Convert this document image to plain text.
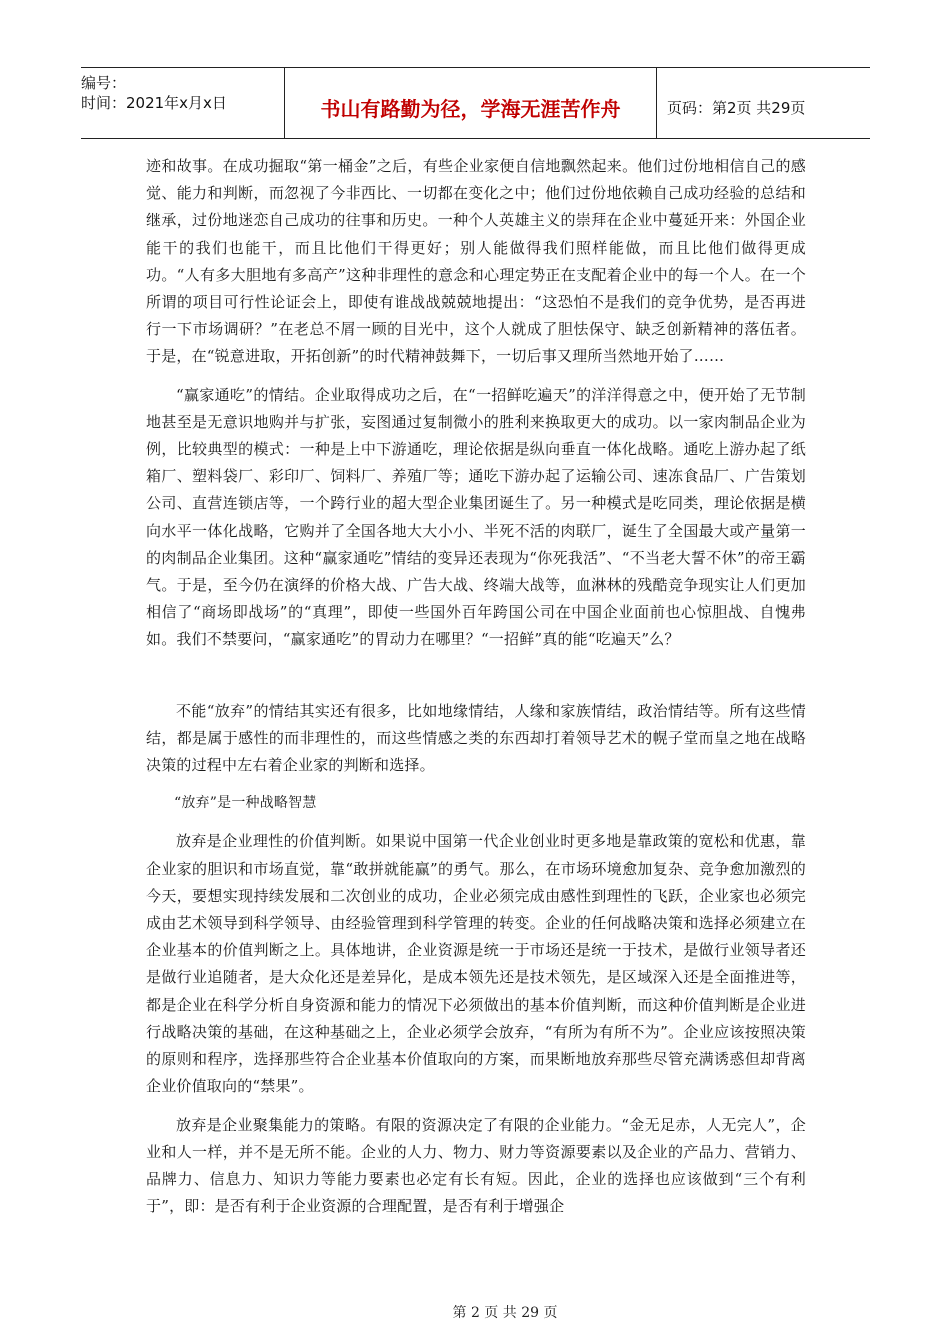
编号：
时间：2021年x月x日	书山有路勤为径，学海无涯苦作舟	页码：第2页 共29页

迹和故事。在成功掘取“第一桶金”之后，有些企业家便自信地飘然起来。他们过份地相信自己的感觉、能力和判断，而忽视了今非西比、一切都在变化之中；他们过份地依赖自己成功经验的总结和继承，过份地迷恋自己成功的往事和历史。一种个人英雄主义的崇拜在企业中蔓延开来：外国企业能干的我们也能干，而且比他们干得更好；别人能做得我们照样能做，而且比他们做得更成功。“人有多大胆地有多高产”这种非理性的意念和心理定势正在支配着企业中的每一个人。在一个所谓的项目可行性论证会上，即使有谁战战兢兢地提出：“这恐怕不是我们的竞争优势，是否再进行一下市场调研？”在老总不屑一顾的目光中，这个人就成了胆怯保守、缺乏创新精神的落伍者。于是，在“锐意进取，开拓创新”的时代精神鼓舞下，一切后事又理所当然地开始了……

“赢家通吃”的情结。企业取得成功之后，在“一招鲜吃遍天”的洋洋得意之中，便开始了无节制地甚至是无意识地购并与扩张，妄图通过复制微小的胜利来换取更大的成功。以一家肉制品企业为例，比较典型的模式：一种是上中下游通吃，理论依据是纵向垂直一体化战略。通吃上游办起了纸箱厂、塑料袋厂、彩印厂、饲料厂、养殖厂等；通吃下游办起了运输公司、速冻食品厂、广告策划公司、直营连锁店等，一个跨行业的超大型企业集团诞生了。另一种模式是吃同类，理论依据是横向水平一体化战略，它购并了全国各地大大小小、半死不活的肉联厂，诞生了全国最大或产量第一的肉制品企业集团。这种“赢家通吃”情结的变异还表现为“你死我活”、“不当老大誓不休”的帝王霸气。于是，至今仍在演绎的价格大战、广告大战、终端大战等，血淋林的残酷竞争现实让人们更加相信了“商场即战场”的“真理”，即使一些国外百年跨国公司在中国企业面前也心惊胆战、自愧弗如。我们不禁要问，“赢家通吃”的胃动力在哪里？“一招鲜”真的能“吃遍天”么？

不能“放弃”的情结其实还有很多，比如地缘情结，人缘和家族情结，政治情结等。所有这些情结，都是属于感性的而非理性的，而这些情感之类的东西却打着领导艺术的幌子堂而皇之地在战略决策的过程中左右着企业家的判断和选择。

“放弃”是一种战略智慧

放弃是企业理性的价值判断。如果说中国第一代企业创业时更多地是靠政策的宽松和优惠，靠企业家的胆识和市场直觉，靠“敢拼就能赢”的勇气。那么，在市场环境愈加复杂、竞争愈加激烈的今天，要想实现持续发展和二次创业的成功，企业必须完成由感性到理性的飞跃，企业家也必须完成由艺术领导到科学领导、由经验管理到科学管理的转变。企业的任何战略决策和选择必须建立在企业基本的价值判断之上。具体地讲，企业资源是统一于市场还是统一于技术，是做行业领导者还是做行业追随者，是大众化还是差异化，是成本领先还是技术领先，是区域深入还是全面推进等，都是企业在科学分析自身资源和能力的情况下必须做出的基本价值判断，而这种价值判断是企业进行战略决策的基础，在这种基础之上，企业必须学会放弃，“有所为有所不为”。企业应该按照决策的原则和程序，选择那些符合企业基本价值取向的方案，而果断地放弃那些尽管充满诱惑但却背离企业价值取向的“禁果”。

放弃是企业聚集能力的策略。有限的资源决定了有限的企业能力。“金无足赤，人无完人”，企业和人一样，并不是无所不能。企业的人力、物力、财力等资源要素以及企业的产品力、营销力、品牌力、信息力、知识力等能力要素也必定有长有短。因此，企业的选择也应该做到“三个有利于”，即：是否有利于企业资源的合理配置，是否有利于增强企

第 2 页 共 29 页
